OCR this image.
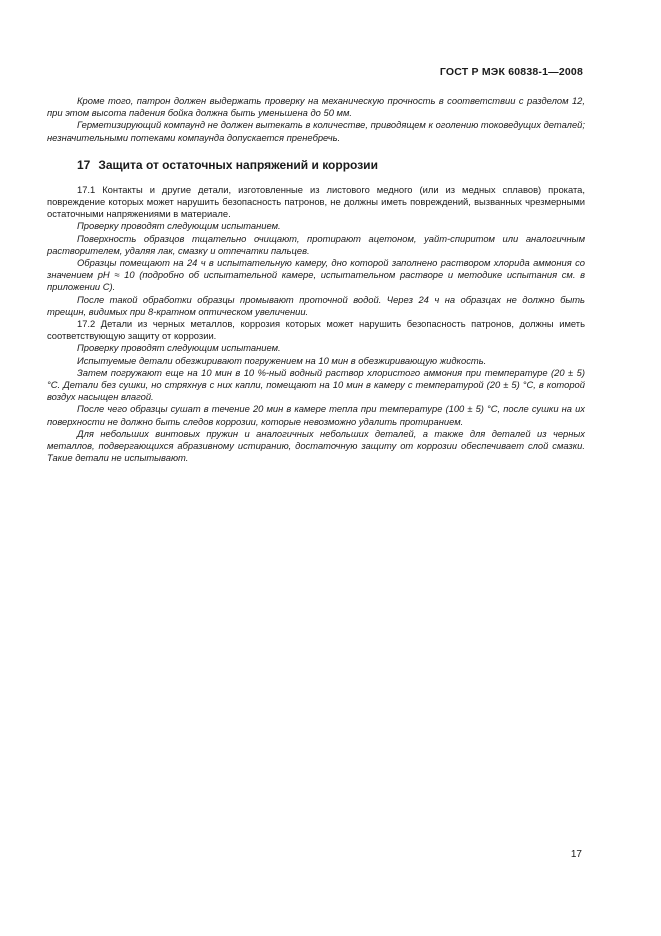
ГОСТ Р МЭК 60838-1—2008

Кроме того, патрон должен выдержать проверку на механическую прочность в соответствии с разделом 12, при этом высота падения бойка должна быть уменьшена до 50 мм.

Герметизирующий компаунд не должен вытекать в количестве, приводящем к оголению токоведущих деталей; незначительными потеками компаунда допускается пренебречь.

17 Защита от остаточных напряжений и коррозии

17.1 Контакты и другие детали, изготовленные из листового медного (или из медных сплавов) проката, повреждение которых может нарушить безопасность патронов, не должны иметь повреждений, вызванных чрезмерными остаточными напряжениями в материале.

Проверку проводят следующим испытанием.

Поверхность образцов тщательно очищают, протирают ацетоном, уайт-спиритом или аналогичным растворителем, удаляя лак, смазку и отпечатки пальцев.

Образцы помещают на 24 ч в испытательную камеру, дно которой заполнено раствором хлорида аммония со значением pH ≈ 10 (подробно об испытательной камере, испытательном растворе и методике испытания см. в приложении С).

После такой обработки образцы промывают проточной водой. Через 24 ч на образцах не должно быть трещин, видимых при 8-кратном оптическом увеличении.

17.2 Детали из черных металлов, коррозия которых может нарушить безопасность патронов, должны иметь соответствующую защиту от коррозии.

Проверку проводят следующим испытанием.

Испытуемые детали обезжиривают погружением на 10 мин в обезжиривающую жидкость.

Затем погружают еще на 10 мин в 10 %-ный водный раствор хлористого аммония при температуре (20 ± 5) °С. Детали без сушки, но стряхнув с них капли, помещают на 10 мин в камеру с температурой (20 ± 5) °С, в которой воздух насыщен влагой.

После чего образцы сушат в течение 20 мин в камере тепла при температуре (100 ± 5) °С, после сушки на их поверхности не должно быть следов коррозии, которые невозможно удалить протиранием.

Для небольших винтовых пружин и аналогичных небольших деталей, а также для деталей из черных металлов, подвергающихся абразивному истиранию, достаточную защиту от коррозии обеспечивает слой смазки. Такие детали не испытывают.

17
